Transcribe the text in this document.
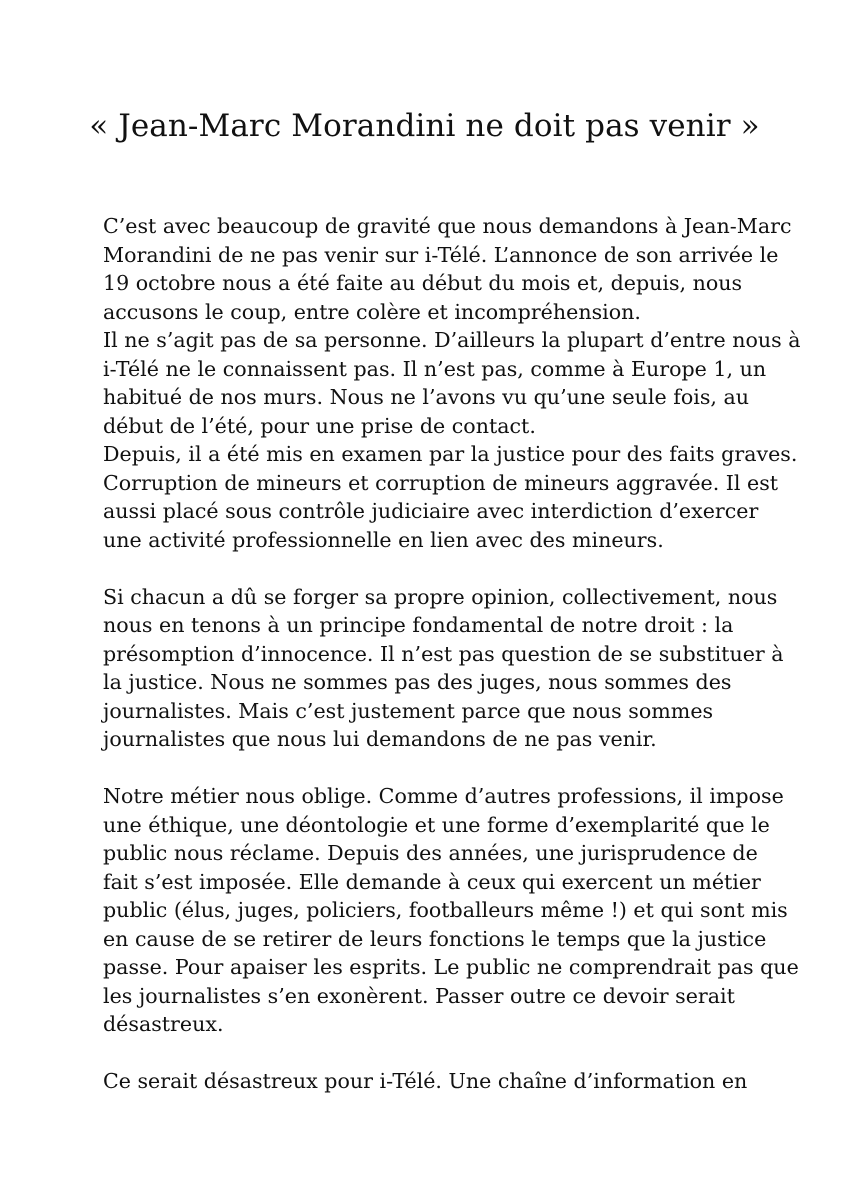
« Jean-Marc Morandini ne doit pas venir »

C’est avec beaucoup de gravité que nous demandons à Jean-Marc
Morandini de ne pas venir sur i-Télé. L’annonce de son arrivée le
19 octobre nous a été faite au début du mois et, depuis, nous
accusons le coup, entre colère et incompréhension.
Il ne s’agit pas de sa personne. D’ailleurs la plupart d’entre nous à
i-Télé ne le connaissent pas. Il n’est pas, comme à Europe 1, un
habitué de nos murs. Nous ne l’avons vu qu’une seule fois, au
début de l’été, pour une prise de contact.
Depuis, il a été mis en examen par la justice pour des faits graves.
Corruption de mineurs et corruption de mineurs aggravée. Il est
aussi placé sous contrôle judiciaire avec interdiction d’exercer
une activité professionnelle en lien avec des mineurs.

Si chacun a dû se forger sa propre opinion, collectivement, nous
nous en tenons à un principe fondamental de notre droit : la
présomption d’innocence. Il n’est pas question de se substituer à
la justice. Nous ne sommes pas des juges, nous sommes des
journalistes. Mais c’est justement parce que nous sommes
journalistes que nous lui demandons de ne pas venir.

Notre métier nous oblige. Comme d’autres professions, il impose
une éthique, une déontologie et une forme d’exemplarité que le
public nous réclame. Depuis des années, une jurisprudence de
fait s’est imposée. Elle demande à ceux qui exercent un métier
public (élus, juges, policiers, footballeurs même !) et qui sont mis
en cause de se retirer de leurs fonctions le temps que la justice
passe. Pour apaiser les esprits. Le public ne comprendrait pas que
les journalistes s’en exonèrent. Passer outre ce devoir serait
désastreux.

Ce serait désastreux pour i-Télé. Une chaîne d’information en
